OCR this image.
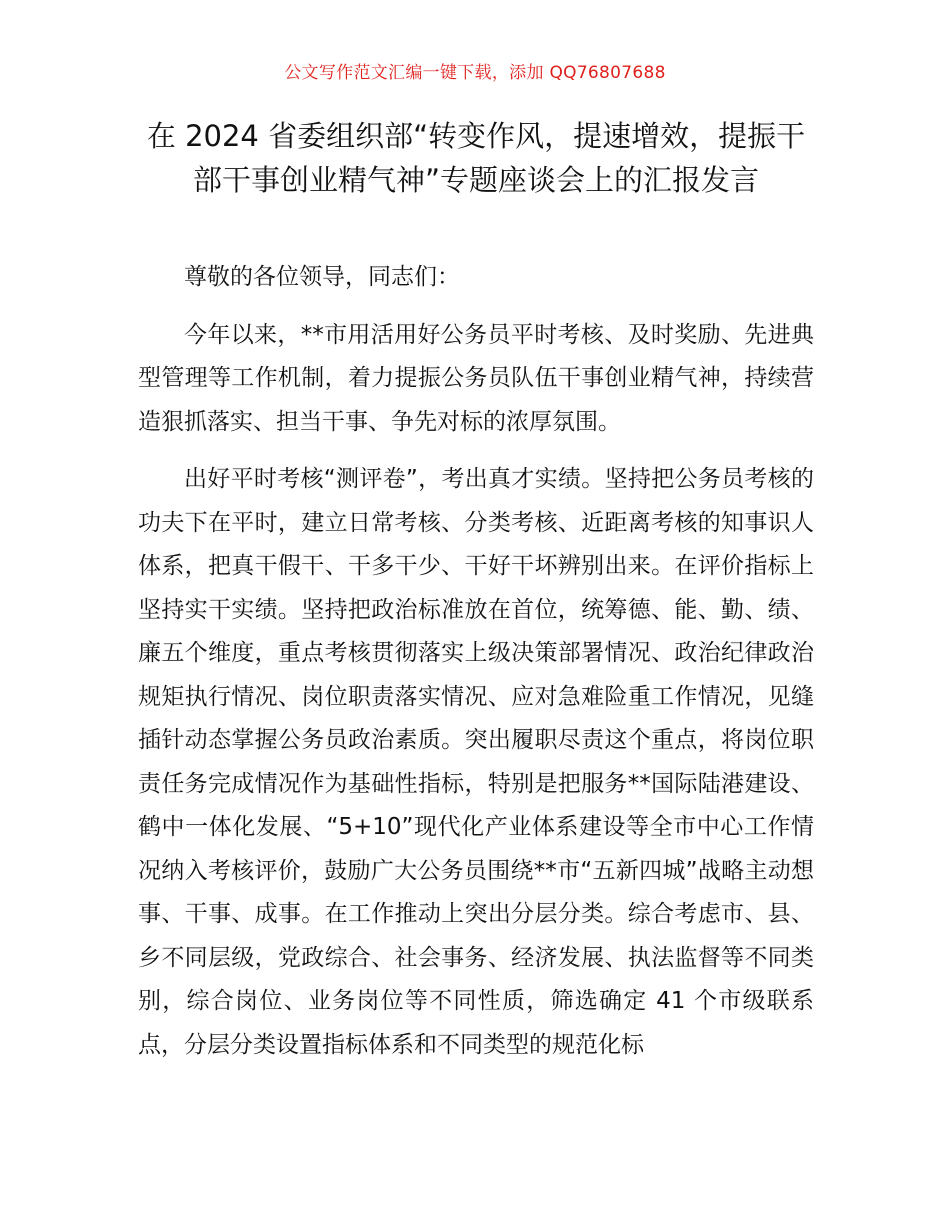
公文写作范文汇编一键下载，添加 QQ76807688
在 2024 省委组织部“转变作风，提速增效，提振干部干事创业精气神”专题座谈会上的汇报发言

尊敬的各位领导，同志们：

今年以来，**市用活用好公务员平时考核、及时奖励、先进典型管理等工作机制，着力提振公务员队伍干事创业精气神，持续营造狠抓落实、担当干事、争先对标的浓厚氛围。

出好平时考核“测评卷”，考出真才实绩。坚持把公务员考核的功夫下在平时，建立日常考核、分类考核、近距离考核的知事识人体系，把真干假干、干多干少、干好干坏辨别出来。在评价指标上坚持实干实绩。坚持把政治标准放在首位，统筹德、能、勤、绩、廉五个维度，重点考核贯彻落实上级决策部署情况、政治纪律政治规矩执行情况、岗位职责落实情况、应对急难险重工作情况，见缝插针动态掌握公务员政治素质。突出履职尽责这个重点，将岗位职责任务完成情况作为基础性指标，特别是把服务**国际陆港建设、鹤中一体化发展、“5+10”现代化产业体系建设等全市中心工作情况纳入考核评价，鼓励广大公务员围绕**市“五新四城”战略主动想事、干事、成事。在工作推动上突出分层分类。综合考虑市、县、乡不同层级，党政综合、社会事务、经济发展、执法监督等不同类别，综合岗位、业务岗位等不同性质，筛选确定 41 个市级联系点，分层分类设置指标体系和不同类型的规范化标
